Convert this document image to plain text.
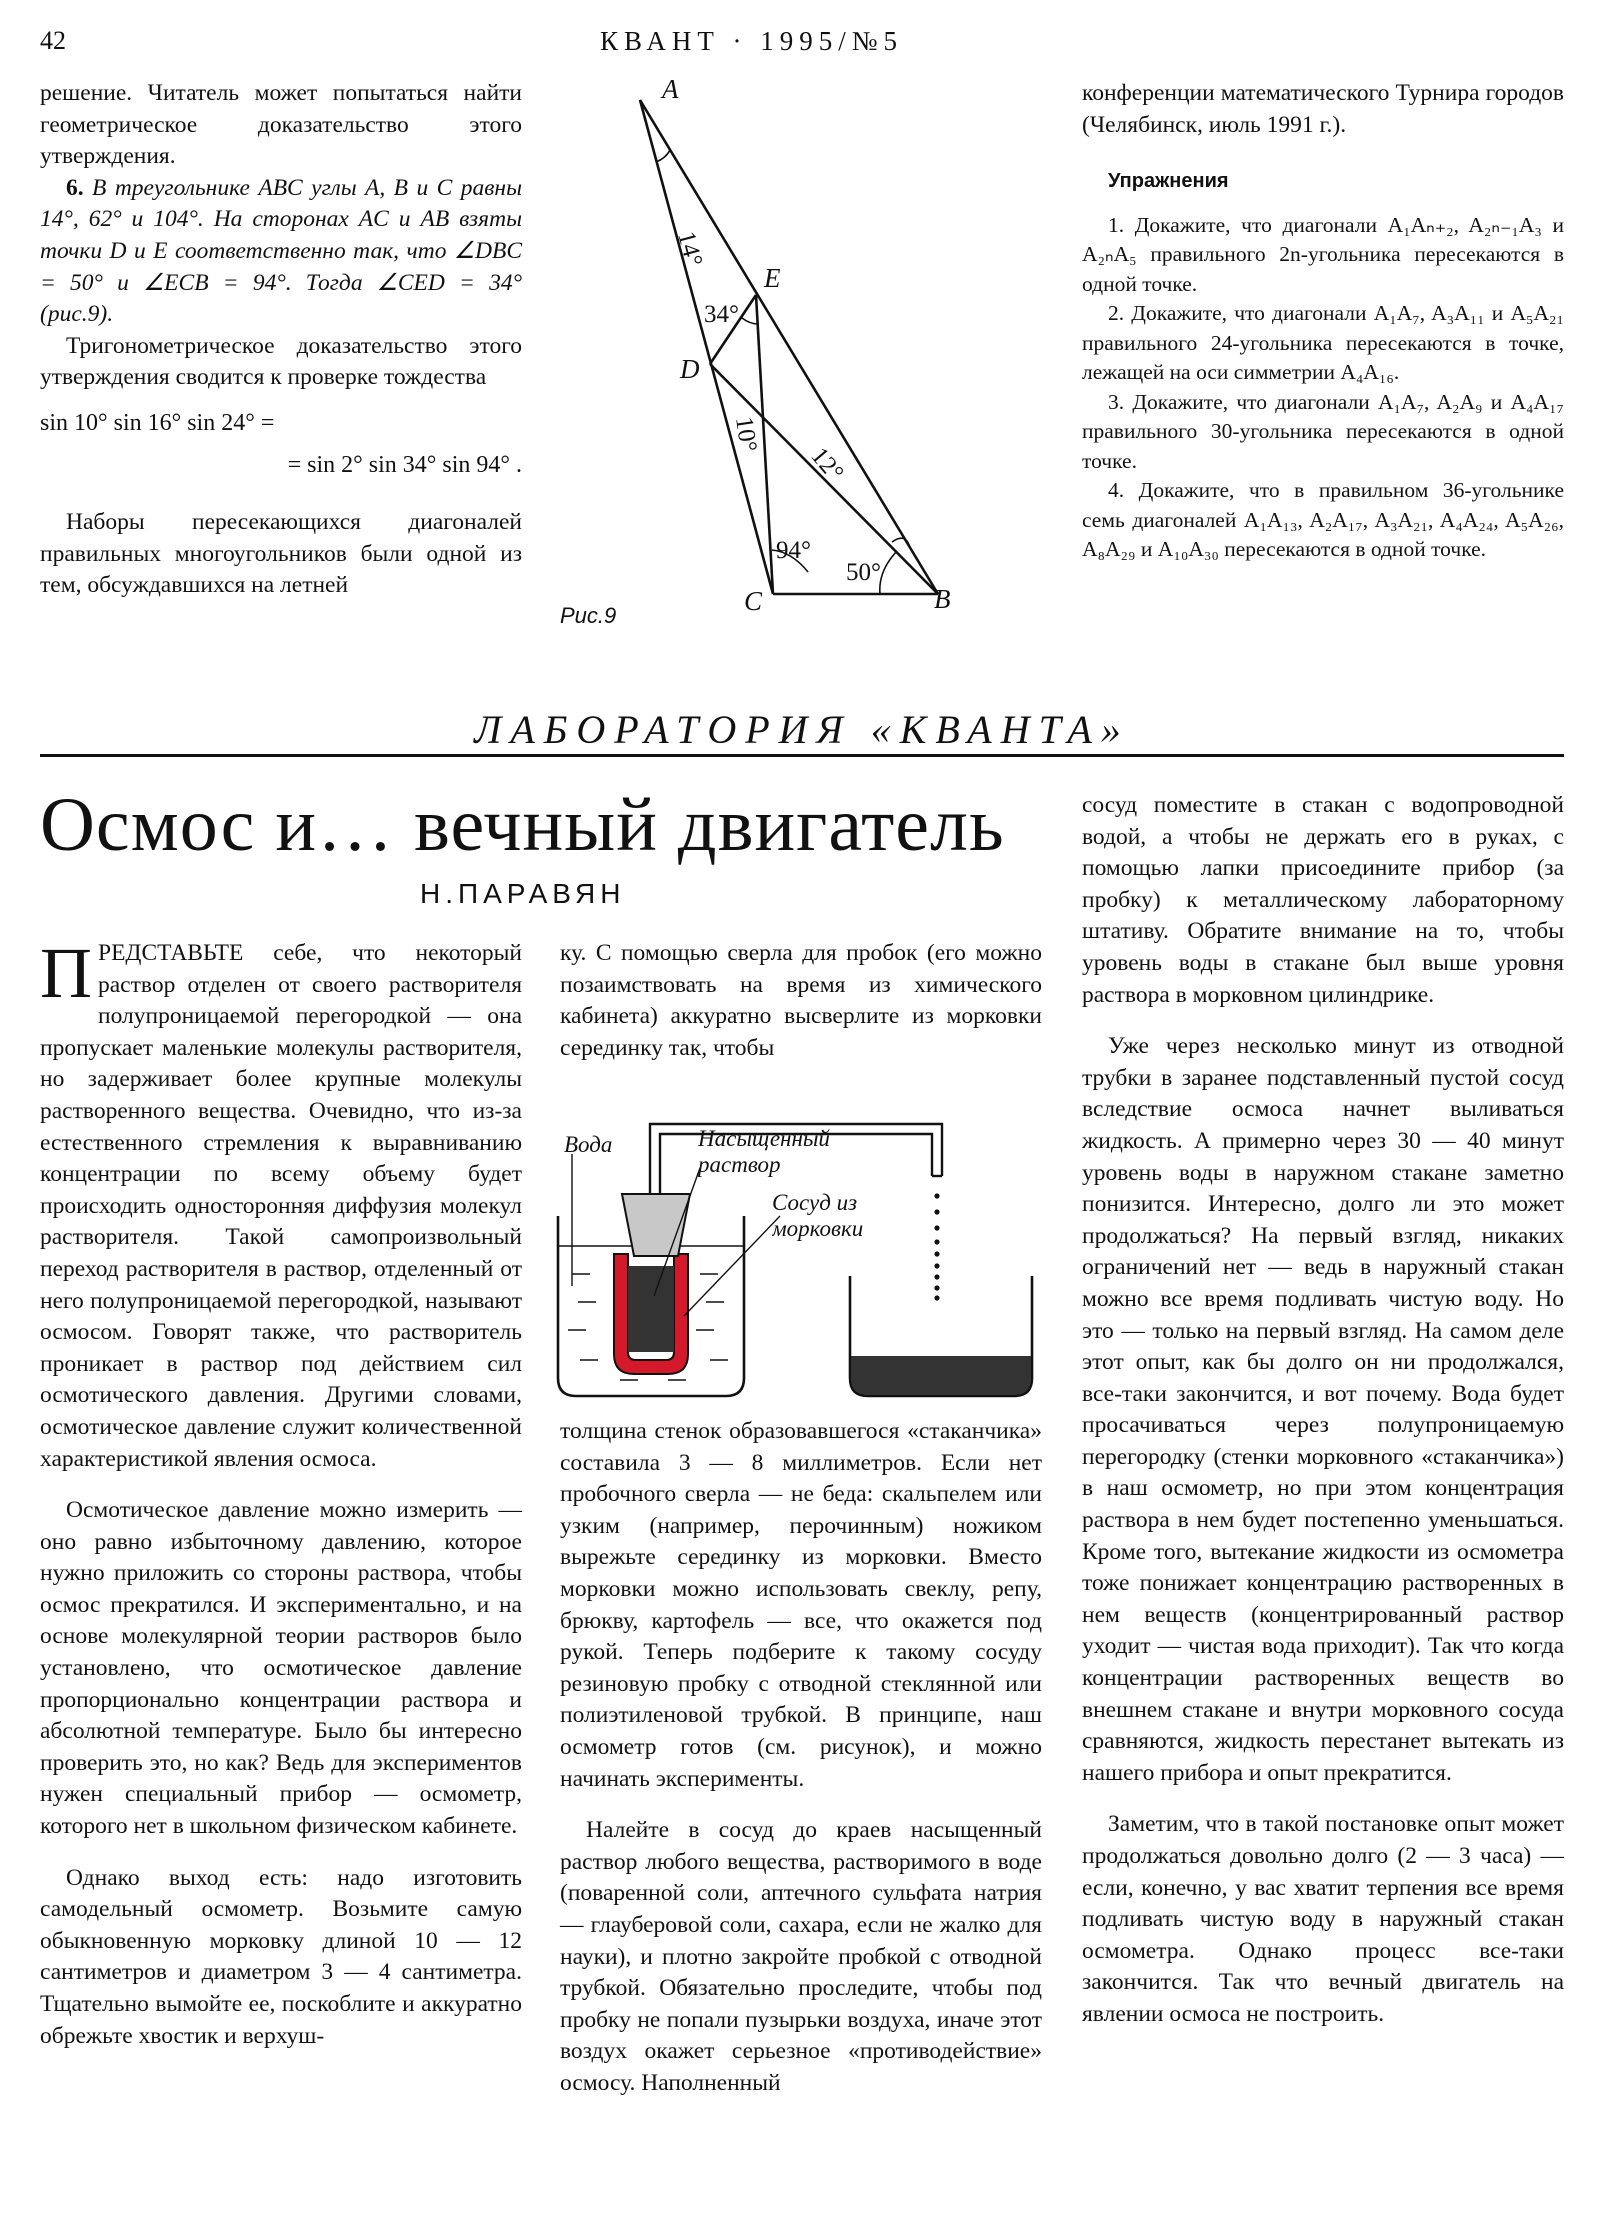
42	КВАНТ · 1995/№5

решение. Читатель может попытаться найти геометрическое доказательство этого утверждения.

6. В треугольнике ABC углы A, B и C равны 14°, 62° и 104°. На сторонах AC и AB взяты точки D и E соответственно так, что ∠DBC = 50° и ∠ECB = 94°. Тогда ∠CED = 34° (рис.9).

Тригонометрическое доказательство этого утверждения сводится к проверке тождества

sin 10° sin 16° sin 24° =

= sin 2° sin 34° sin 94° .

Наборы пересекающихся диагоналей правильных многоугольников были одной из тем, обсуждавшихся на летней

A
E
D
C	B
14°
34°
10°
12°
94°
50°
Рис.9

конференции математического Турнира городов (Челябинск, июль 1991 г.).

Упражнения

1. Докажите, что диагонали A₁Aₙ₊₂, A₂ₙ₋₁A₃ и A₂ₙA₅ правильного 2n-угольника пересекаются в одной точке.

2. Докажите, что диагонали A₁A₇, A₃A₁₁ и A₅A₂₁ правильного 24-угольника пересекаются в точке, лежащей на оси симметрии A₄A₁₆.

3. Докажите, что диагонали A₁A₇, A₂A₉ и A₄A₁₇ правильного 30-угольника пересекаются в одной точке.

4. Докажите, что в правильном 36-угольнике семь диагоналей A₁A₁₃, A₂A₁₇, A₃A₂₁, A₄A₂₄, A₅A₂₆, A₈A₂₉ и A₁₀A₃₀ пересекаются в одной точке.

ЛАБОРАТОРИЯ «КВАНТА»
Осмос и… вечный двигатель
Н.ПАРАВЯН

ПРЕДСТАВЬТЕ себе, что некоторый раствор отделен от своего растворителя полупроницаемой перегородкой — она пропускает маленькие молекулы растворителя, но задерживает более крупные молекулы растворенного вещества. Очевидно, что из-за естественного стремления к выравниванию концентрации по всему объему будет происходить односторонняя диффузия молекул растворителя. Такой самопроизвольный переход растворителя в раствор, отделенный от него полупроницаемой перегородкой, называют осмосом. Говорят также, что растворитель проникает в раствор под действием сил осмотического давления. Другими словами, осмотическое давление служит количественной характеристикой явления осмоса.

Осмотическое давление можно измерить — оно равно избыточному давлению, которое нужно приложить со стороны раствора, чтобы осмос прекратился. И экспериментально, и на основе молекулярной теории растворов было установлено, что осмотическое давление пропорционально концентрации раствора и абсолютной температуре. Было бы интересно проверить это, но как? Ведь для экспериментов нужен специальный прибор — осмометр, которого нет в школьном физическом кабинете.

Однако выход есть: надо изготовить самодельный осмометр. Возьмите самую обыкновенную морковку длиной 10 — 12 сантиметров и диаметром 3 — 4 сантиметра. Тщательно вымойте ее, поскоблите и аккуратно обрежьте хвостик и верхуш-

ку. С помощью сверла для пробок (его можно позаимствовать на время из химического кабинета) аккуратно высверлите из морковки серединку так, чтобы

Вода	Насыщенный раствор
Сосуд из морковки

толщина стенок образовавшегося «стаканчика» составила 3 — 8 миллиметров. Если нет пробочного сверла — не беда: скальпелем или узким (например, перочинным) ножиком вырежьте серединку из морковки. Вместо морковки можно использовать свеклу, репу, брюкву, картофель — все, что окажется под рукой. Теперь подберите к такому сосуду резиновую пробку с отводной стеклянной или полиэтиленовой трубкой. В принципе, наш осмометр готов (см. рисунок), и можно начинать эксперименты.

Налейте в сосуд до краев насыщенный раствор любого вещества, растворимого в воде (поваренной соли, аптечного сульфата натрия — глауберовой соли, сахара, если не жалко для науки), и плотно закройте пробкой с отводной трубкой. Обязательно проследите, чтобы под пробку не попали пузырьки воздуха, иначе этот воздух окажет серьезное «противодействие» осмосу. Наполненный

сосуд поместите в стакан с водопроводной водой, а чтобы не держать его в руках, с помощью лапки присоедините прибор (за пробку) к металлическому лабораторному штативу. Обратите внимание на то, чтобы уровень воды в стакане был выше уровня раствора в морковном цилиндрике.

Уже через несколько минут из отводной трубки в заранее подставленный пустой сосуд вследствие осмоса начнет выливаться жидкость. А примерно через 30 — 40 минут уровень воды в наружном стакане заметно понизится. Интересно, долго ли это может продолжаться? На первый взгляд, никаких ограничений нет — ведь в наружный стакан можно все время подливать чистую воду. Но это — только на первый взгляд. На самом деле этот опыт, как бы долго он ни продолжался, все-таки закончится, и вот почему. Вода будет просачиваться через полупроницаемую перегородку (стенки морковного «стаканчика») в наш осмометр, но при этом концентрация раствора в нем будет постепенно уменьшаться. Кроме того, вытекание жидкости из осмометра тоже понижает концентрацию растворенных в нем веществ (концентрированный раствор уходит — чистая вода приходит). Так что когда концентрации растворенных веществ во внешнем стакане и внутри морковного сосуда сравняются, жидкость перестанет вытекать из нашего прибора и опыт прекратится.

Заметим, что в такой постановке опыт может продолжаться довольно долго (2 — 3 часа) — если, конечно, у вас хватит терпения все время подливать чистую воду в наружный стакан осмометра. Однако процесс все-таки закончится. Так что вечный двигатель на явлении осмоса не построить.
